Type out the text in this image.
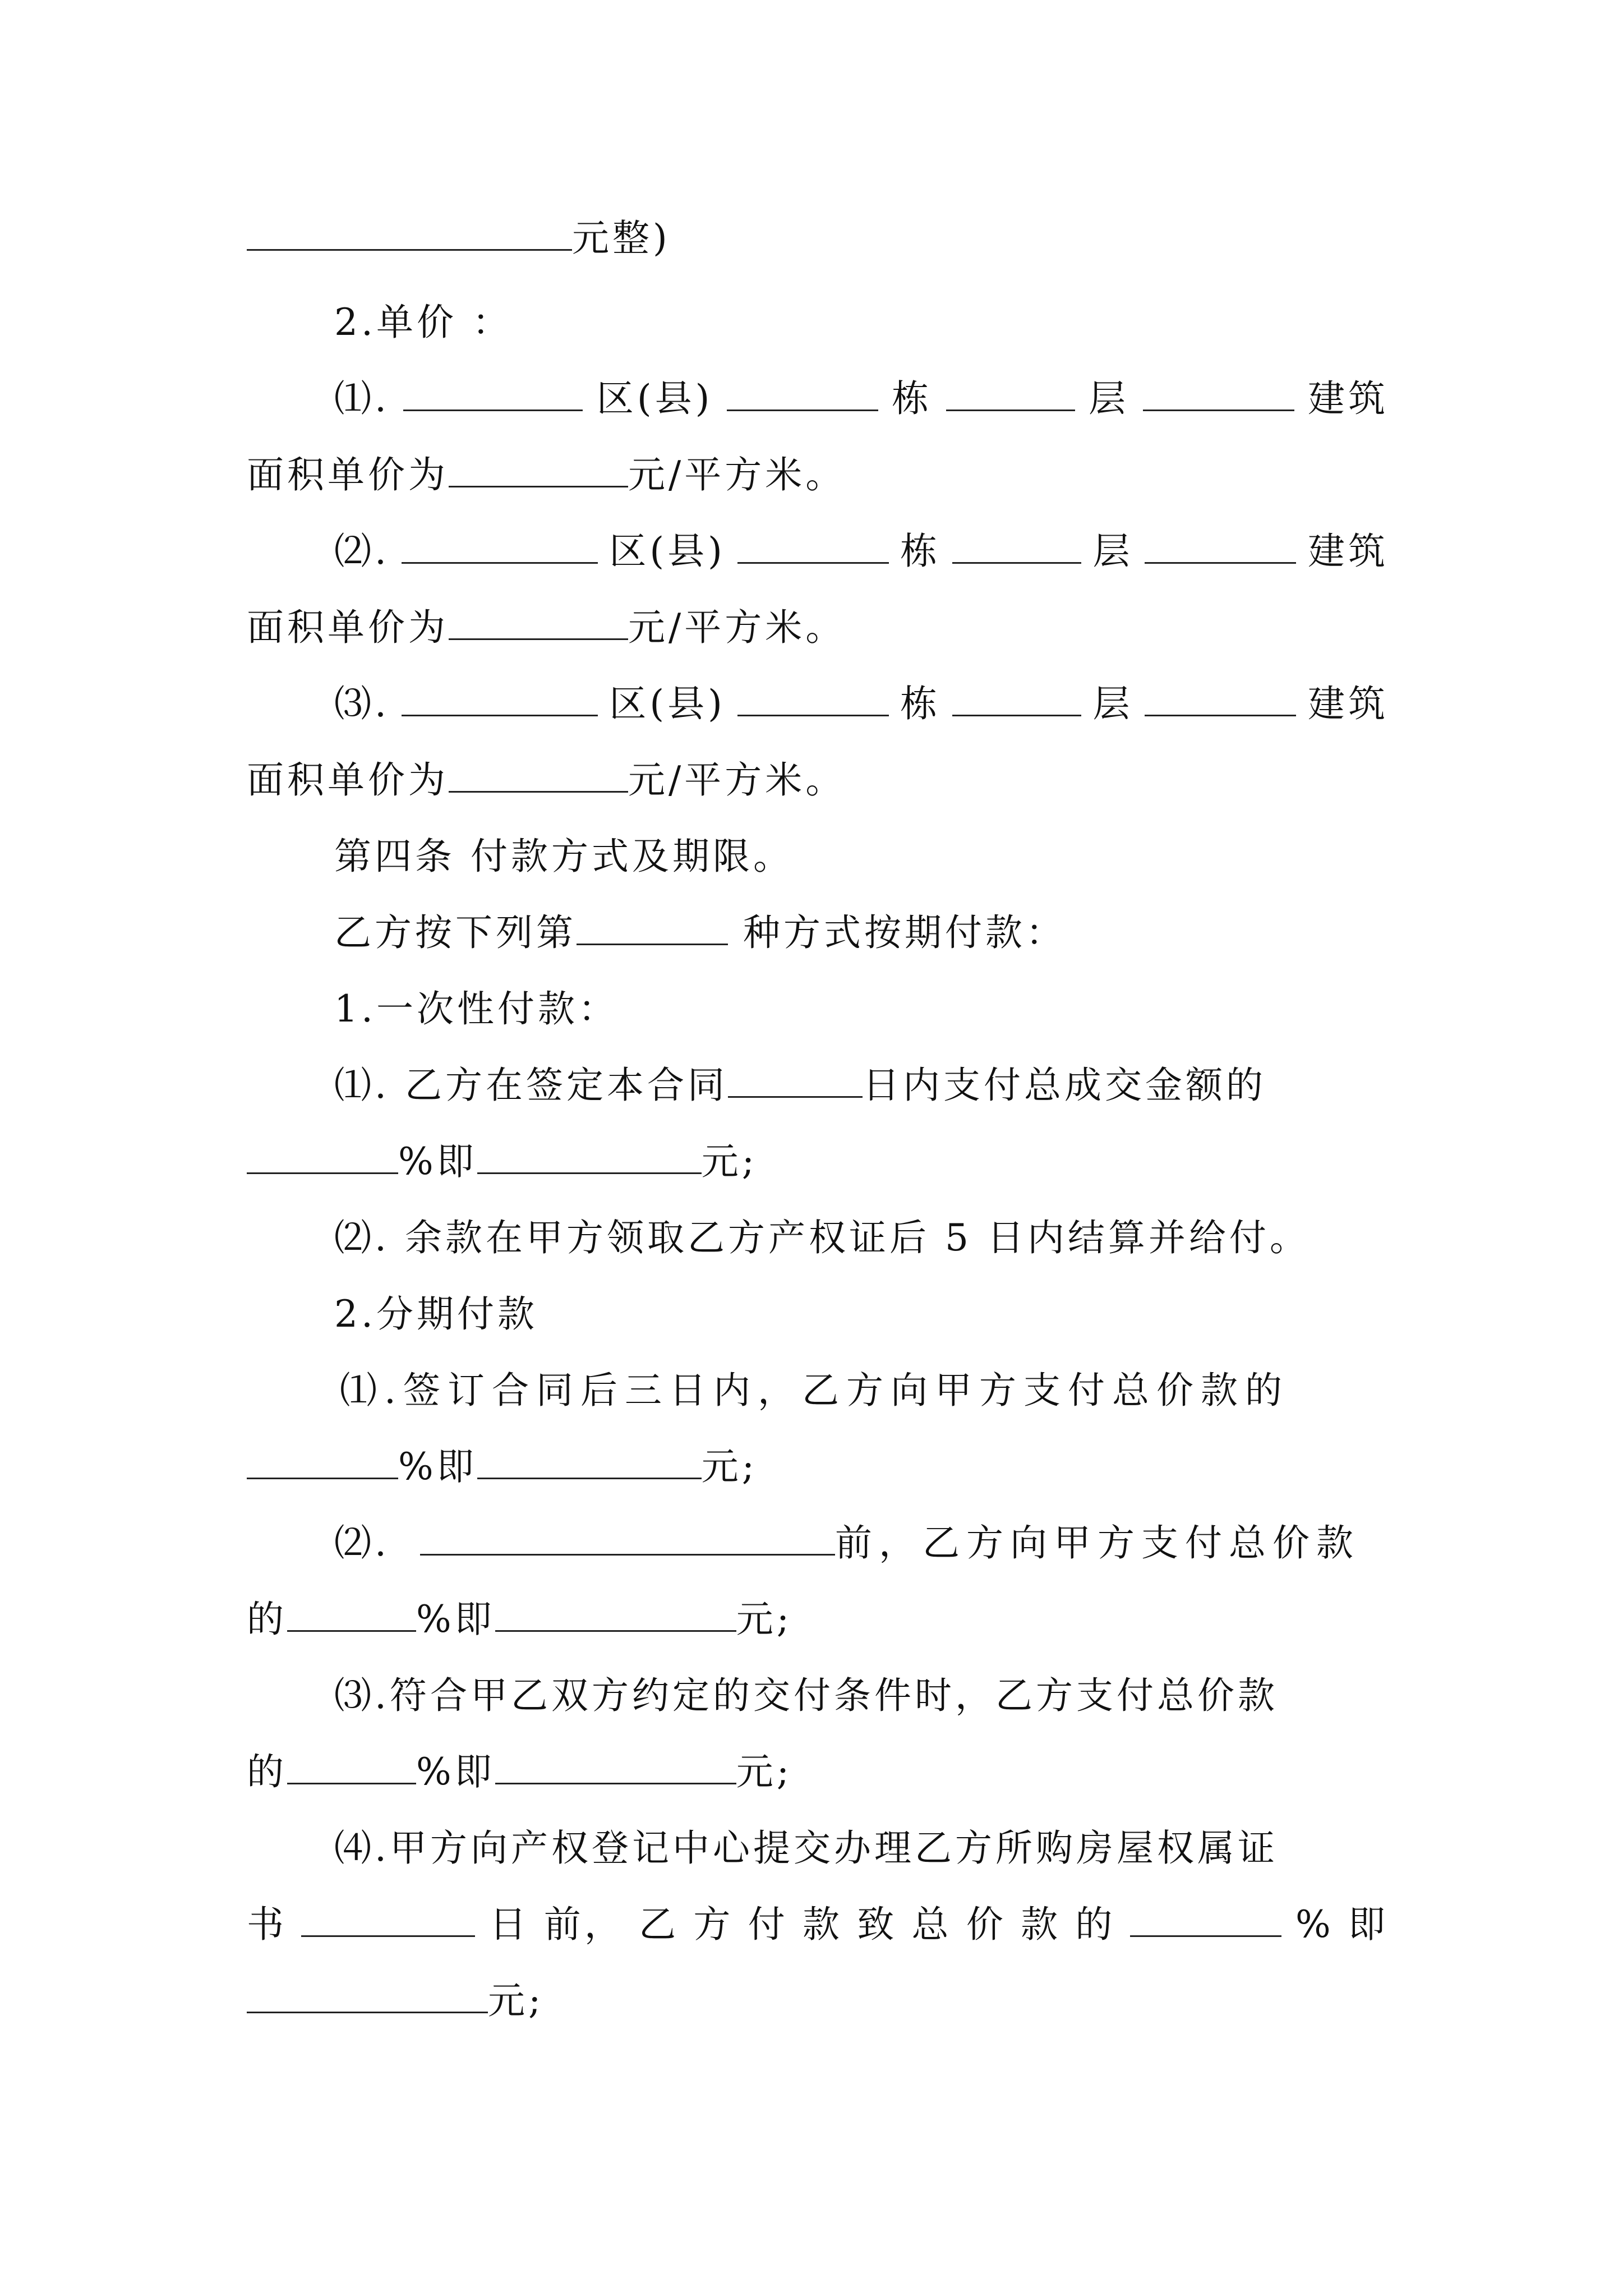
元整)
2.单价 ：
⑴.	区(县)	栋	层	建筑
面积单价为	元/平方米。
⑵.	区(县)	栋	层	建筑
面积单价为	元/平方米。
⑶.	区(县)	栋	层	建筑
面积单价为	元/平方米。
第四条 付款方式及期限。
乙方按下列第	种方式按期付款：
1.一次性付款：
⑴. 乙方在签定本合同	日内支付总成交金额的
%即	元;
⑵. 余款在甲方领取乙方产权证后 5 日内结算并给付。
2.分期付款
⑴.签订合同后三日内，乙方向甲方支付总价款的
%即	元;
⑵.	前，乙方向甲方支付总价款
的	%即	元;
⑶.符合甲乙双方约定的交付条件时，乙方支付总价款
的	%即	元;
⑷.甲方向产权登记中心提交办理乙方所购房屋权属证
书	日 前， 乙 方 付 款 致 总 价 款 的	% 即
元;
